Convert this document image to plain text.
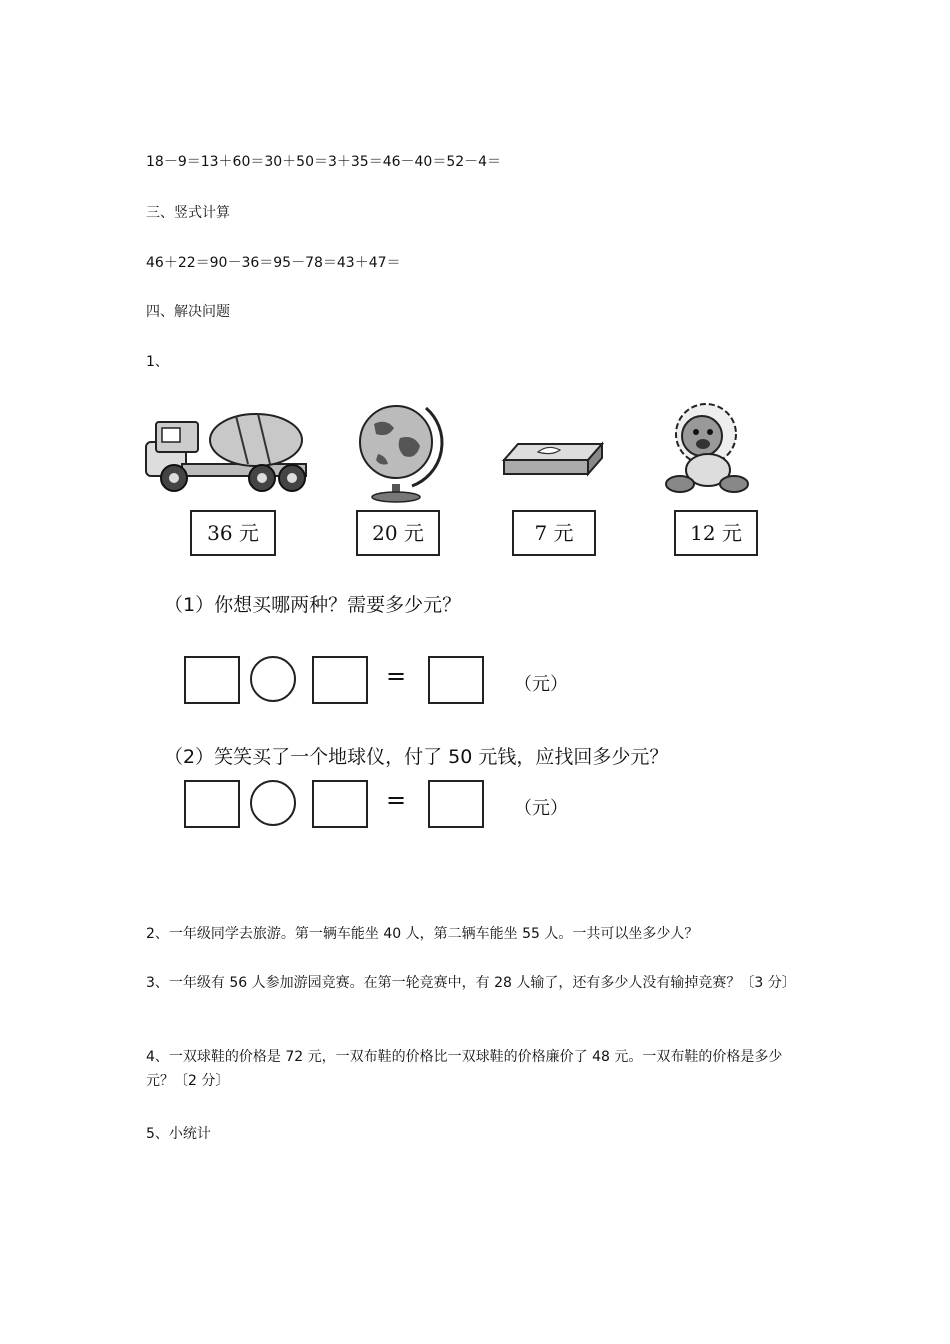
18－9＝13＋60＝30＋50＝3＋35＝46－40＝52－4＝
三、竖式计算
46＋22＝90－36＝95－78＝43＋47＝
四、解决问题
1、
36 元	20 元	7 元	12 元
（1）你想买哪两种？需要多少元？
=	（元）
（2）笑笑买了一个地球仪，付了 50 元钱，应找回多少元？
=	（元）
2、一年级同学去旅游。第一辆车能坐 40 人，第二辆车能坐 55 人。一共可以坐多少人？
3、一年级有 56 人参加游园竞赛。在第一轮竞赛中，有 28 人输了，还有多少人没有输掉竞赛？〔3 分〕
4、一双球鞋的价格是 72 元，一双布鞋的价格比一双球鞋的价格廉价了 48 元。一双布鞋的价格是多少元？〔2 分〕
5、小统计
